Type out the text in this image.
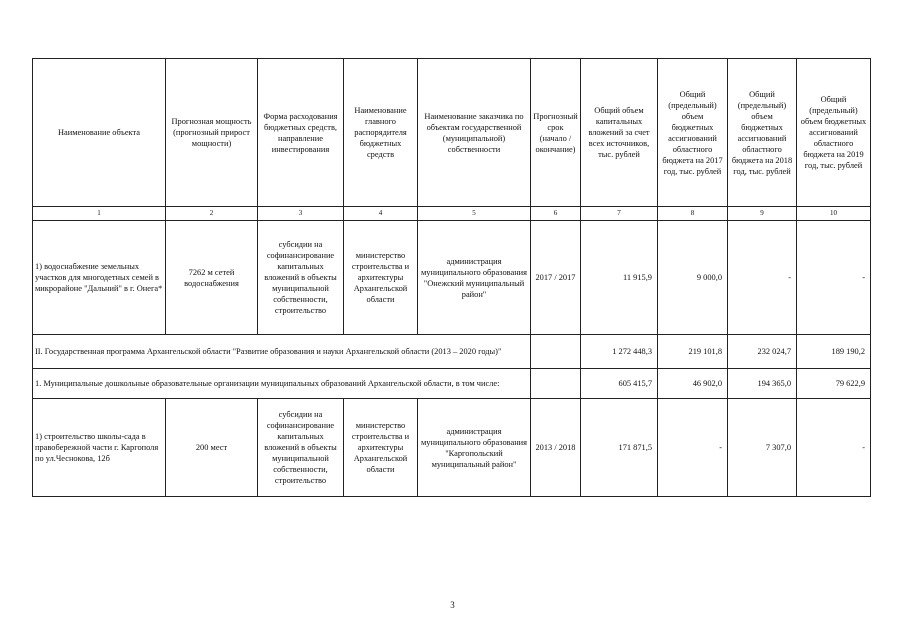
Наименование объекта	Прогнозная мощность (прогнозный прирост мощности)	Форма расходования бюджетных средств, направление инвестирования	Наименование главного распорядителя бюджетных средств	Наименование заказчика по объектам государственной (муниципальной) собственности	Прогнозный срок (начало / окончание)	Общий объем капитальных вложений за счет всех источников, тыс. рублей	Общий (предельный) объем бюджетных ассигнований областного бюджета на 2017 год, тыс. рублей	Общий (предельный) объем бюджетных ассигнований областного бюджета на 2018 год, тыс. рублей	Общий (предельный) объем бюджетных ассигнований областного бюджета на 2019 год, тыс. рублей
1	2	3	4	5	6	7	8	9	10
1) водоснабжение земельных участков для многодетных семей в микрорайоне "Дальний" в г. Онега*	7262 м сетей водоснабжения	субсидии на софинансирование капитальных вложений в объекты муниципальной собственности, строительство	министерство строительства и архитектуры Архангельской области	администрация муниципального образования "Онежский муниципальный район"	2017 / 2017	11 915,9	9 000,0	-	-
II. Государственная программа Архангельской области "Развитие образования и науки Архангельской области (2013 – 2020 годы)"						1 272 448,3	219 101,8	232 024,7	189 190,2
1. Муниципальные дошкольные образовательные организации муниципальных образований Архангельской области, в том числе:						605 415,7	46 902,0	194 365,0	79 622,9
1) строительство школы-сада в правобережной части г. Каргополя по ул.Чеснокова, 12б	200 мест	субсидии на софинансирование капитальных вложений в объекты муниципальной собственности, строительство	министерство строительства и архитектуры Архангельской области	администрация муниципального образования "Каргопольский муниципальный район"	2013 / 2018	171 871,5	-	7 307,0	-
3
